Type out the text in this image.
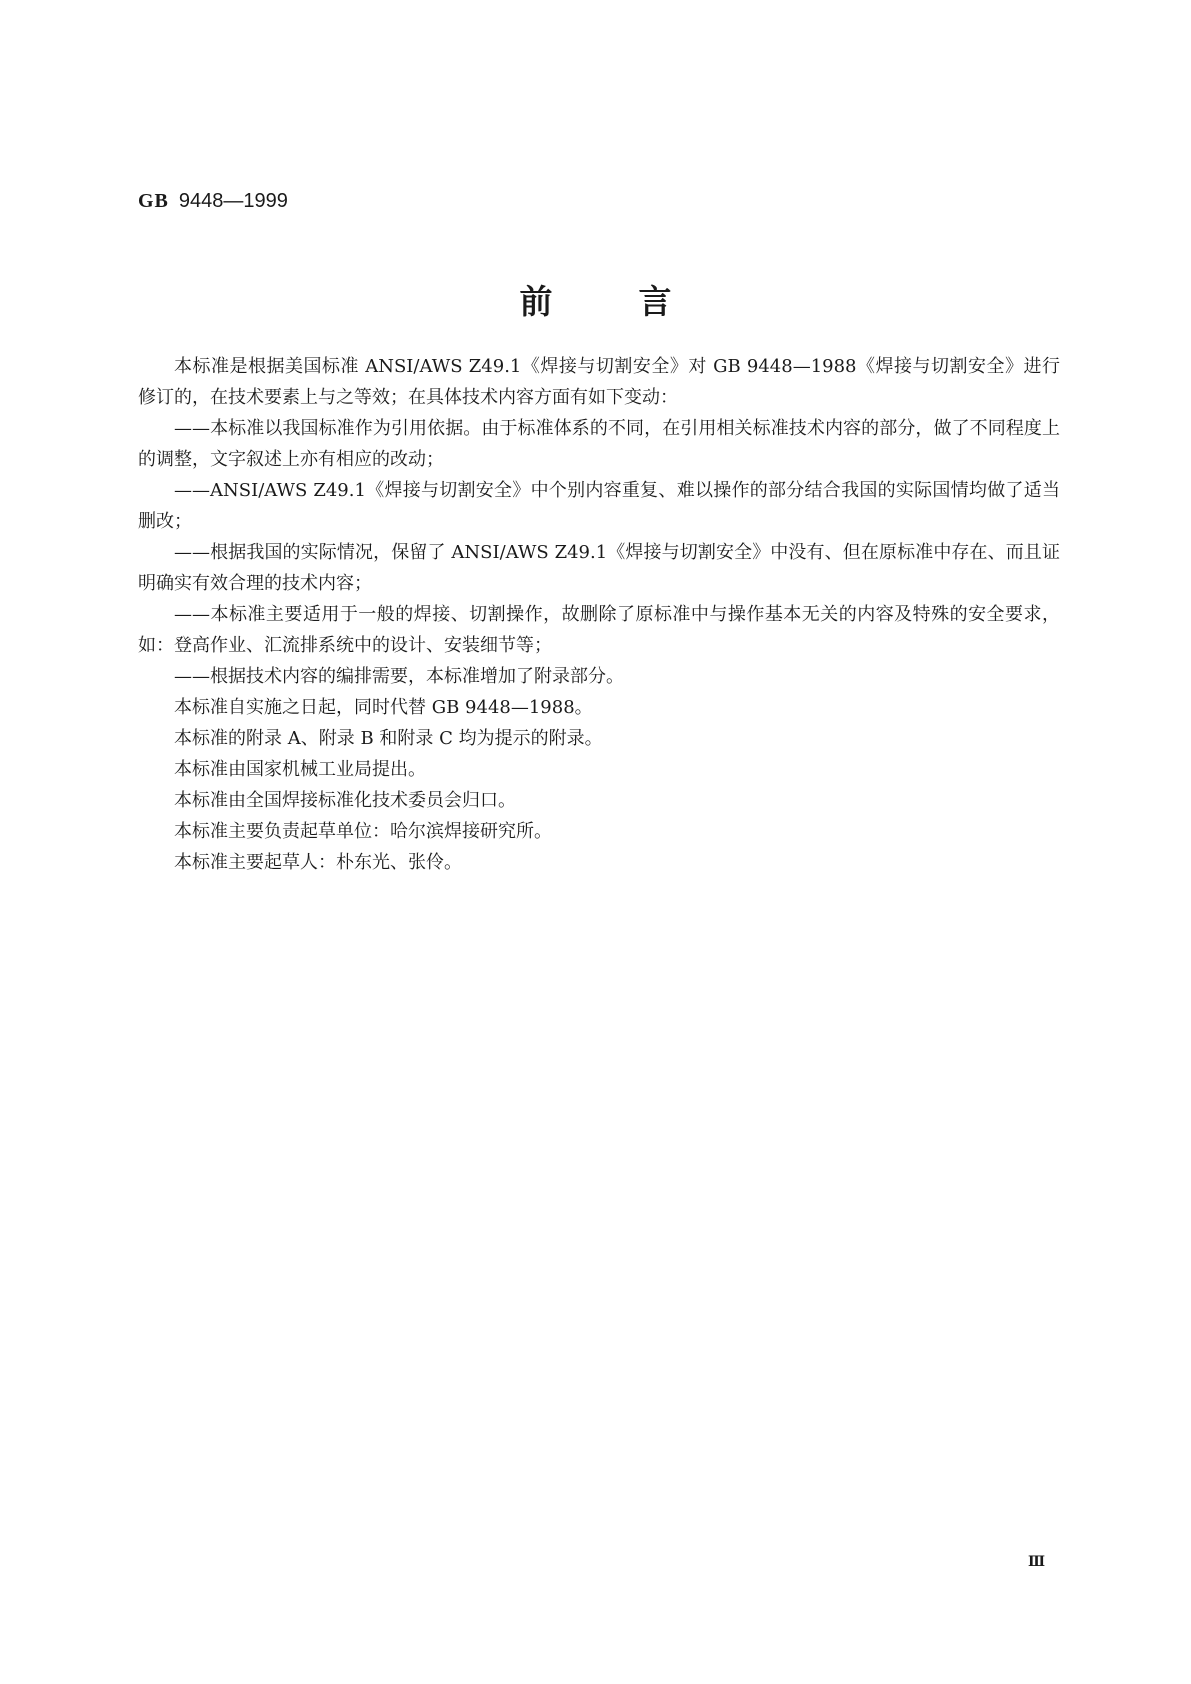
GB 9448—1999
前言

本标准是根据美国标准 ANSI/AWS Z49.1《焊接与切割安全》对 GB 9448—1988《焊接与切割安全》进行修订的，在技术要素上与之等效；在具体技术内容方面有如下变动：

——本标准以我国标准作为引用依据。由于标准体系的不同，在引用相关标准技术内容的部分，做了不同程度上的调整，文字叙述上亦有相应的改动；

——ANSI/AWS Z49.1《焊接与切割安全》中个别内容重复、难以操作的部分结合我国的实际国情均做了适当删改；

——根据我国的实际情况，保留了 ANSI/AWS Z49.1《焊接与切割安全》中没有、但在原标准中存在、而且证明确实有效合理的技术内容；

——本标准主要适用于一般的焊接、切割操作，故删除了原标准中与操作基本无关的内容及特殊的安全要求，如：登高作业、汇流排系统中的设计、安装细节等；

——根据技术内容的编排需要，本标准增加了附录部分。

本标准自实施之日起，同时代替 GB 9448—1988。

本标准的附录 A、附录 B 和附录 C 均为提示的附录。

本标准由国家机械工业局提出。

本标准由全国焊接标准化技术委员会归口。

本标准主要负责起草单位：哈尔滨焊接研究所。

本标准主要起草人：朴东光、张伶。

Ⅲ
